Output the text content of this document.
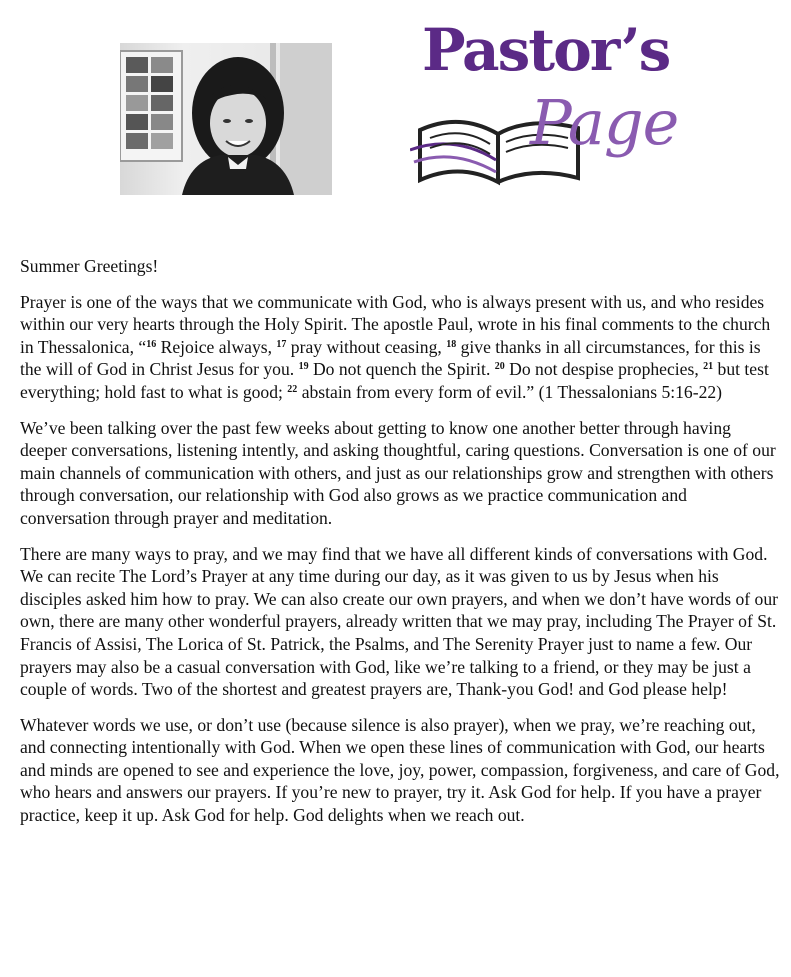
Pastor’s
Page

Summer Greetings!

Prayer is one of the ways that we communicate with God, who is always present with us, and who resides within our very hearts through the Holy Spirit. The apostle Paul, wrote in his final comments to the church in Thessalonica, “$^{16}$ Rejoice always, $^{17}$ pray without ceasing, $^{18}$ give thanks in all circumstances, for this is the will of God in Christ Jesus for you. $^{19}$ Do not quench the Spirit. $^{20}$ Do not despise prophecies, $^{21}$ but test everything; hold fast to what is good; $^{22}$ abstain from every form of evil.” (1 Thessalonians 5:16-22)

We’ve been talking over the past few weeks about getting to know one another better through having deeper conversations, listening intently, and asking thoughtful, caring questions. Conversation is one of our main channels of communication with others, and just as our relationships grow and strengthen with others through conversation, our relationship with God also grows as we practice communication and conversation through prayer and meditation.

There are many ways to pray, and we may find that we have all different kinds of conversations with God. We can recite The Lord’s Prayer at any time during our day, as it was given to us by Jesus when his disciples asked him how to pray. We can also create our own prayers, and when we don’t have words of our own, there are many other wonderful prayers, already written that we may pray, including The Prayer of St. Francis of Assisi, The Lorica of St. Patrick, the Psalms, and The Serenity Prayer just to name a few. Our prayers may also be a casual conversation with God, like we’re talking to a friend, or they may be just a couple of words. Two of the shortest and greatest prayers are, Thank-you God! and God please help!

Whatever words we use, or don’t use (because silence is also prayer), when we pray, we’re reaching out, and connecting intentionally with God. When we open these lines of communication with God, our hearts and minds are opened to see and experience the love, joy, power, compassion, forgiveness, and care of God, who hears and answers our prayers. If you’re new to prayer, try it. Ask God for help. If you have a prayer practice, keep it up. Ask God for help. God delights when we reach out.
